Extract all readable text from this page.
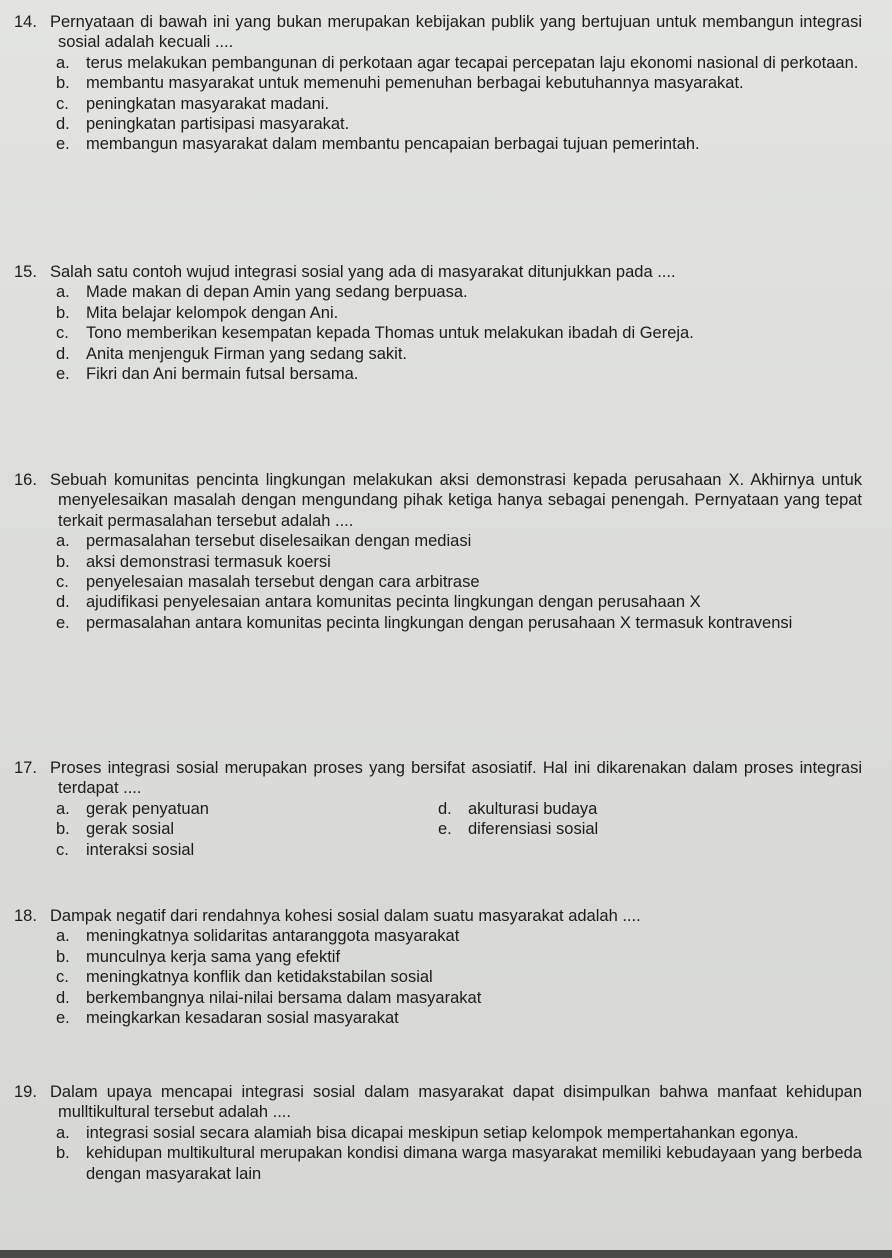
14. Pernyataan di bawah ini yang bukan merupakan kebijakan publik yang bertujuan untuk membangun integrasi sosial adalah kecuali ....
a. terus melakukan pembangunan di perkotaan agar tecapai percepatan laju ekonomi nasional di perkotaan.
b. membantu masyarakat untuk memenuhi pemenuhan berbagai kebutuhannya masyarakat.
c. peningkatan masyarakat madani.
d. peningkatan partisipasi masyarakat.
e. membangun masyarakat dalam membantu pencapaian berbagai tujuan pemerintah.
15. Salah satu contoh wujud integrasi sosial yang ada di masyarakat ditunjukkan pada ....
a. Made makan di depan Amin yang sedang berpuasa.
b. Mita belajar kelompok dengan Ani.
c. Tono memberikan kesempatan kepada Thomas untuk melakukan ibadah di Gereja.
d. Anita menjenguk Firman yang sedang sakit.
e. Fikri dan Ani bermain futsal bersama.
16. Sebuah komunitas pencinta lingkungan melakukan aksi demonstrasi kepada perusahaan X. Akhirnya untuk menyelesaikan masalah dengan mengundang pihak ketiga hanya sebagai penengah. Pernyataan yang tepat terkait permasalahan tersebut adalah ....
a. permasalahan tersebut diselesaikan dengan mediasi
b. aksi demonstrasi termasuk koersi
c. penyelesaian masalah tersebut dengan cara arbitrase
d. ajudifikasi penyelesaian antara komunitas pecinta lingkungan dengan perusahaan X
e. permasalahan antara komunitas pecinta lingkungan dengan perusahaan X termasuk kontravensi
17. Proses integrasi sosial merupakan proses yang bersifat asosiatif. Hal ini dikarenakan dalam proses integrasi terdapat ....
a. gerak penyatuan	d. akulturasi budaya
b. gerak sosial	e. diferensiasi sosial
c. interaksi sosial
18. Dampak negatif dari rendahnya kohesi sosial dalam suatu masyarakat adalah ....
a. meningkatnya solidaritas antaranggota masyarakat
b. munculnya kerja sama yang efektif
c. meningkatnya konflik dan ketidakstabilan sosial
d. berkembangnya nilai-nilai bersama dalam masyarakat
e. meingkarkan kesadaran sosial masyarakat
19. Dalam upaya mencapai integrasi sosial dalam masyarakat dapat disimpulkan bahwa manfaat kehidupan mulltikultural tersebut adalah ....
a. integrasi sosial secara alamiah bisa dicapai meskipun setiap kelompok mempertahankan egonya.
b. kehidupan multikultural merupakan kondisi dimana warga masyarakat memiliki kebudayaan yang berbeda dengan masyarakat lain
